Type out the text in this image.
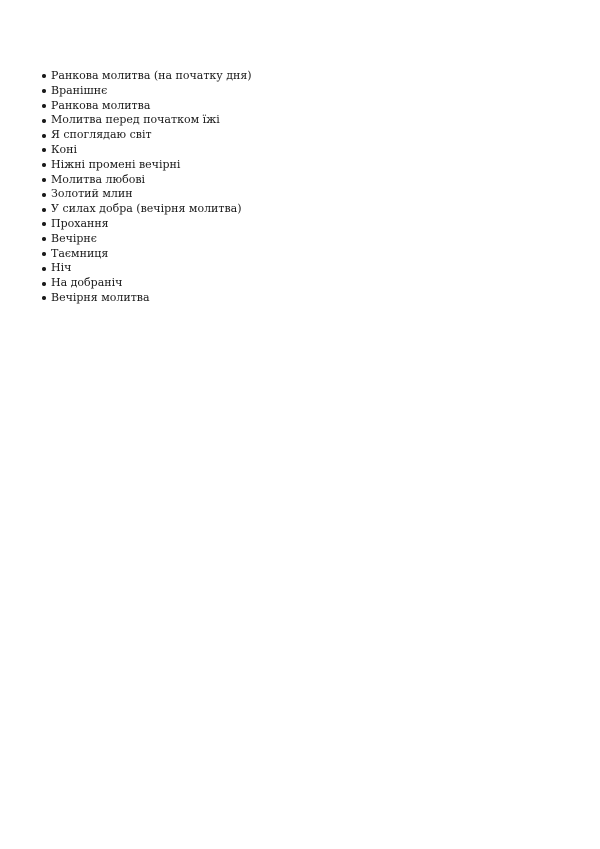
Ранкова молитва (на початку дня)
Вранішнє
Ранкова молитва
Молитва перед початком їжі
Я споглядаю світ
Коні
Ніжні промені вечірні
Молитва любові
Золотий млин
У силах добра (вечірня молитва)
Прохання
Вечірнє
Таємниця
Ніч
На добраніч
Вечірня молитва
